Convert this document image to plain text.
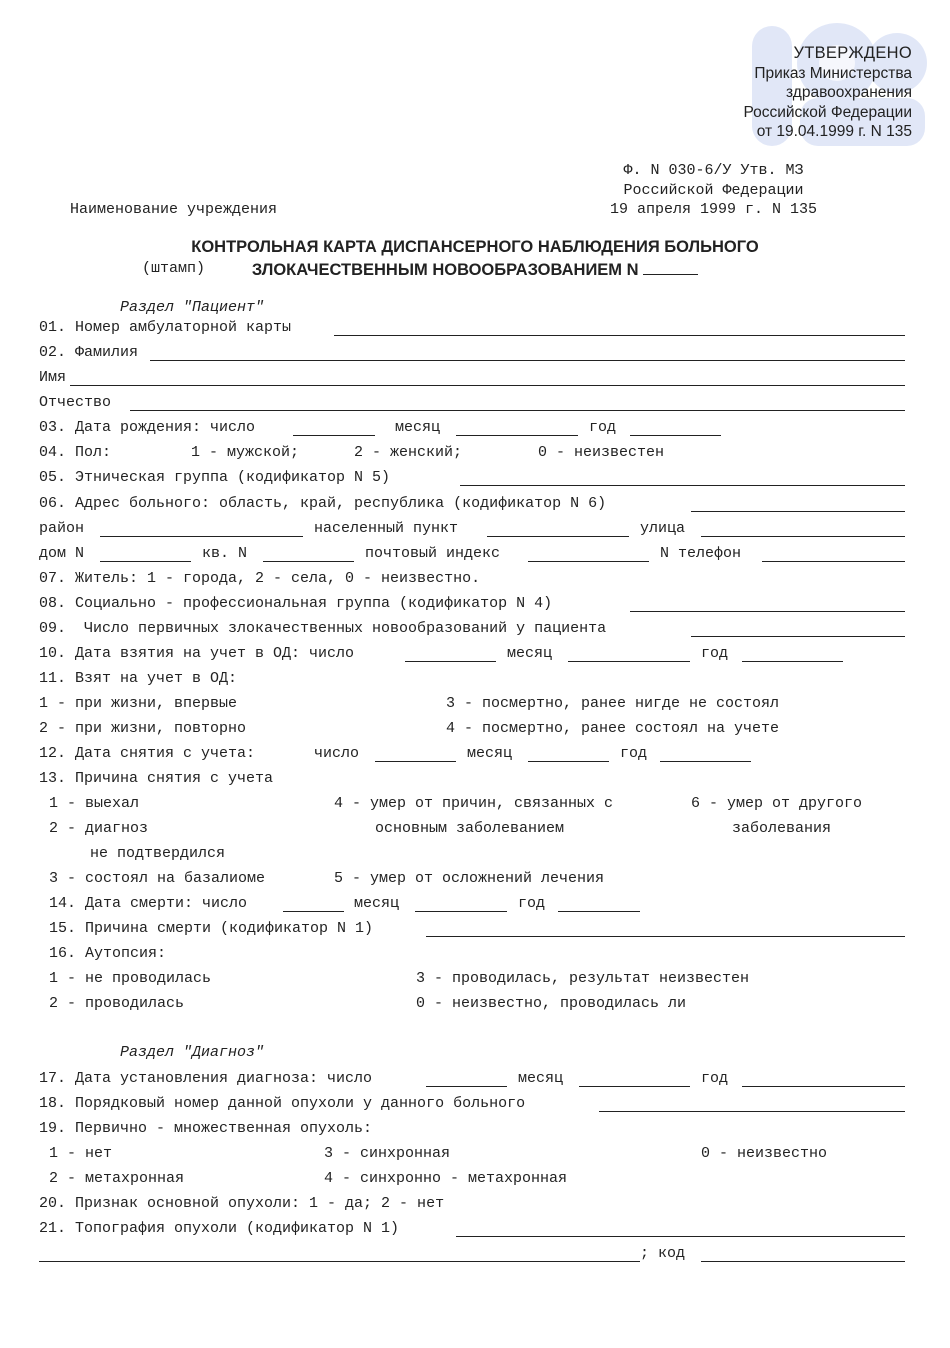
УТВЕРЖДЕНО
Приказ Министерства
здравоохранения
Российской Федерации
от 19.04.1999 г. N 135

Наименование учреждения

(штамп)

Ф. N 030-6/У Утв. МЗ
Российской Федерации
19 апреля 1999 г. N 135
КОНТРОЛЬНАЯ КАРТА ДИСПАНСЕРНОГО НАБЛЮДЕНИЯ БОЛЬНОГО
ЗЛОКАЧЕСТВЕННЫМ НОВООБРАЗОВАНИЕМ N
Раздел "Пациент"
01. Номер амбулаторной карты
02. Фамилия
Имя
Отчество
03. Дата рождения: число	месяц	год
04. Пол:	1 - мужской;	2 - женский;	0 - неизвестен
05. Этническая группа (кодификатор N 5)
06. Адрес больного: область, край, республика (кодификатор N 6)
район	населенный пункт	улица
дом N	кв. N	почтовый индекс	N телефон
07. Житель: 1 - города, 2 - села, 0 - неизвестно.
08. Социально - профессиональная группа (кодификатор N 4)
09.  Число первичных злокачественных новообразований у пациента
10. Дата взятия на учет в ОД: число	месяц	год
11. Взят на учет в ОД:
1 - при жизни, впервые	3 - посмертно, ранее нигде не состоял
2 - при жизни, повторно	4 - посмертно, ранее состоял на учете
12. Дата снятия с учета:	число	месяц	год
13. Причина снятия с учета
1 - выехал	4 - умер от причин, связанных с	6 - умер от другого
2 - диагноз	основным заболеванием	заболевания
не подтвердился
3 - состоял на базалиоме	5 - умер от осложнений лечения
14. Дата смерти: число	месяц	год
15. Причина смерти (кодификатор N 1)
16. Аутопсия:
1 - не проводилась	3 - проводилась, результат неизвестен
2 - проводилась	0 - неизвестно, проводилась ли
Раздел "Диагноз"
17. Дата установления диагноза: число	месяц	год
18. Порядковый номер данной опухоли у данного больного
19. Первично - множественная опухоль:
1 - нет	3 - синхронная	0 - неизвестно
2 - метахронная	4 - синхронно - метахронная
20. Признак основной опухоли: 1 - да; 2 - нет
21. Топография опухоли (кодификатор N 1)
; код
